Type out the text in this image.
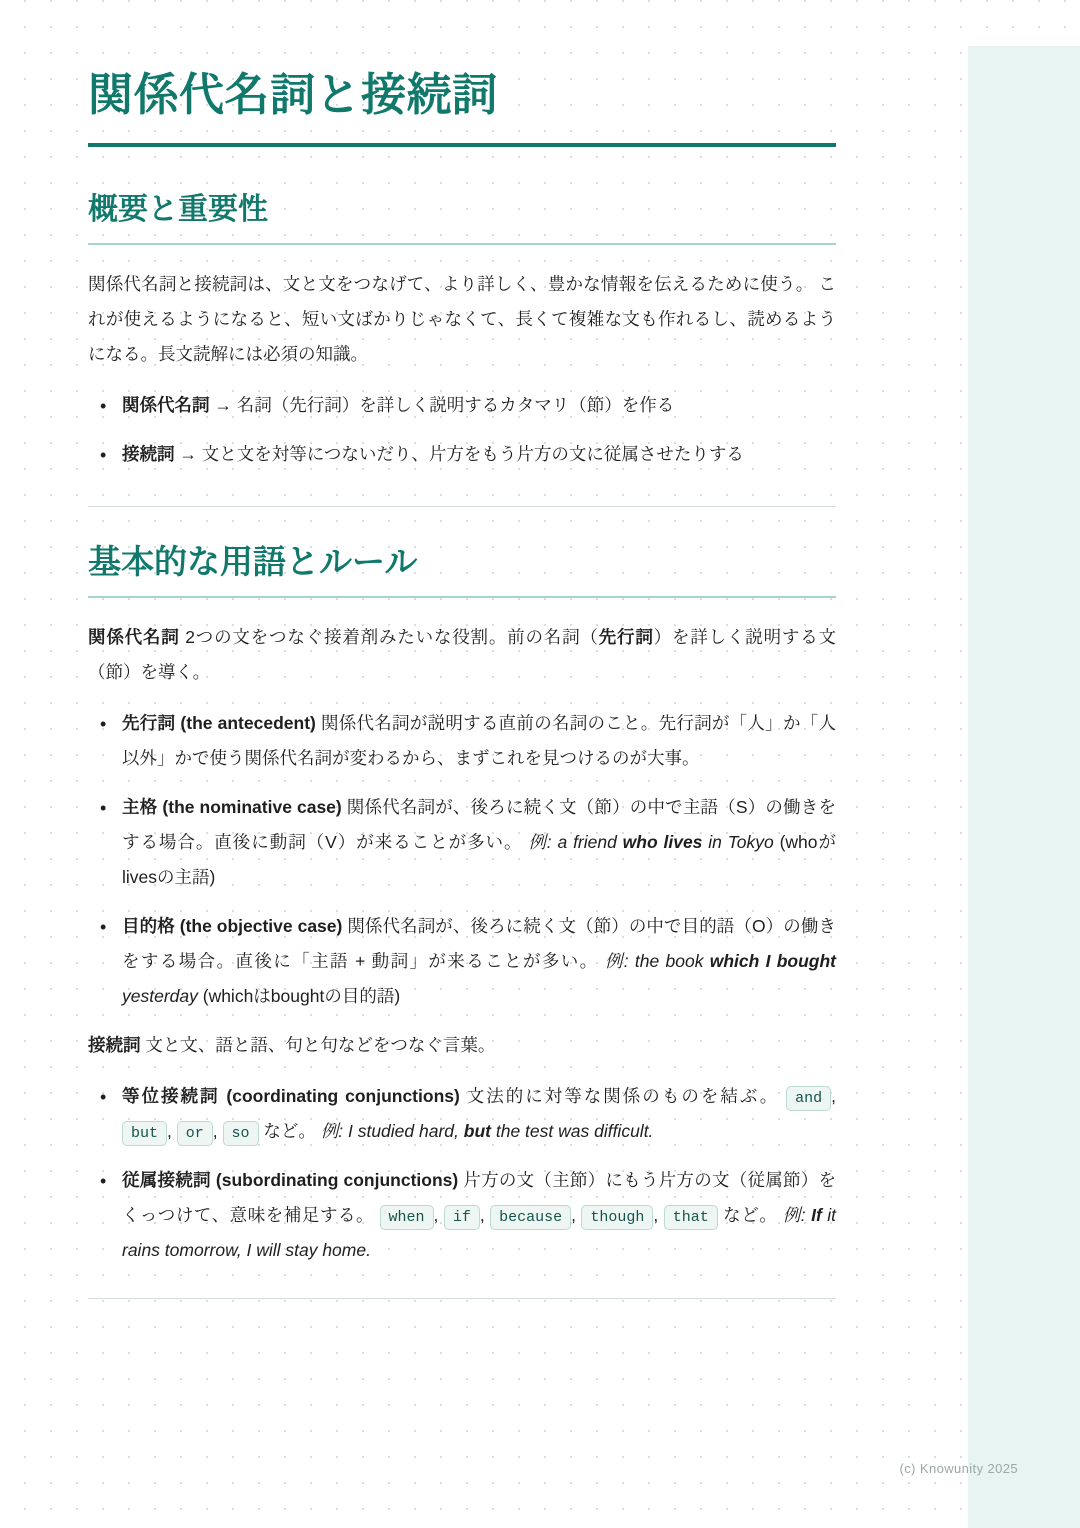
関係代名詞と接続詞
概要と重要性

関係代名詞と接続詞は、文と文をつなげて、より詳しく、豊かな情報を伝えるために使う。 これが使えるようになると、短い文ばかりじゃなくて、長くて複雑な文も作れるし、読めるようになる。長文読解には必須の知識。

• 関係代名詞 → 名詞（先行詞）を詳しく説明するカタマリ（節）を作る
• 接続詞 → 文と文を対等につないだり、片方をもう片方の文に従属させたりする
基本的な用語とルール

関係代名詞 2つの文をつなぐ接着剤みたいな役割。前の名詞（先行詞）を詳しく説明する文（節）を導く。

• 先行詞 (the antecedent) 関係代名詞が説明する直前の名詞のこと。先行詞が「人」か「人以外」かで使う関係代名詞が変わるから、まずこれを見つけるのが大事。
• 主格 (the nominative case) 関係代名詞が、後ろに続く文（節）の中で主語（S）の働きをする場合。直後に動詞（V）が来ることが多い。 例: a friend who lives in Tokyo (whoがlivesの主語)
• 目的格 (the objective case) 関係代名詞が、後ろに続く文（節）の中で目的語（O）の働きをする場合。直後に「主語 + 動詞」が来ることが多い。 例: the book which I bought yesterday (whichはboughtの目的語)

接続詞 文と文、語と語、句と句などをつなぐ言葉。

• 等位接続詞 (coordinating conjunctions) 文法的に対等な関係のものを結ぶ。 and , but , or , so など。 例: I studied hard, but the test was difficult.
• 従属接続詞 (subordinating conjunctions) 片方の文（主節）にもう片方の文（従属節）をくっつけて、意味を補足する。 when , if , because , though , that など。 例: If it rains tomorrow, I will stay home.
(c) Knowunity 2025
